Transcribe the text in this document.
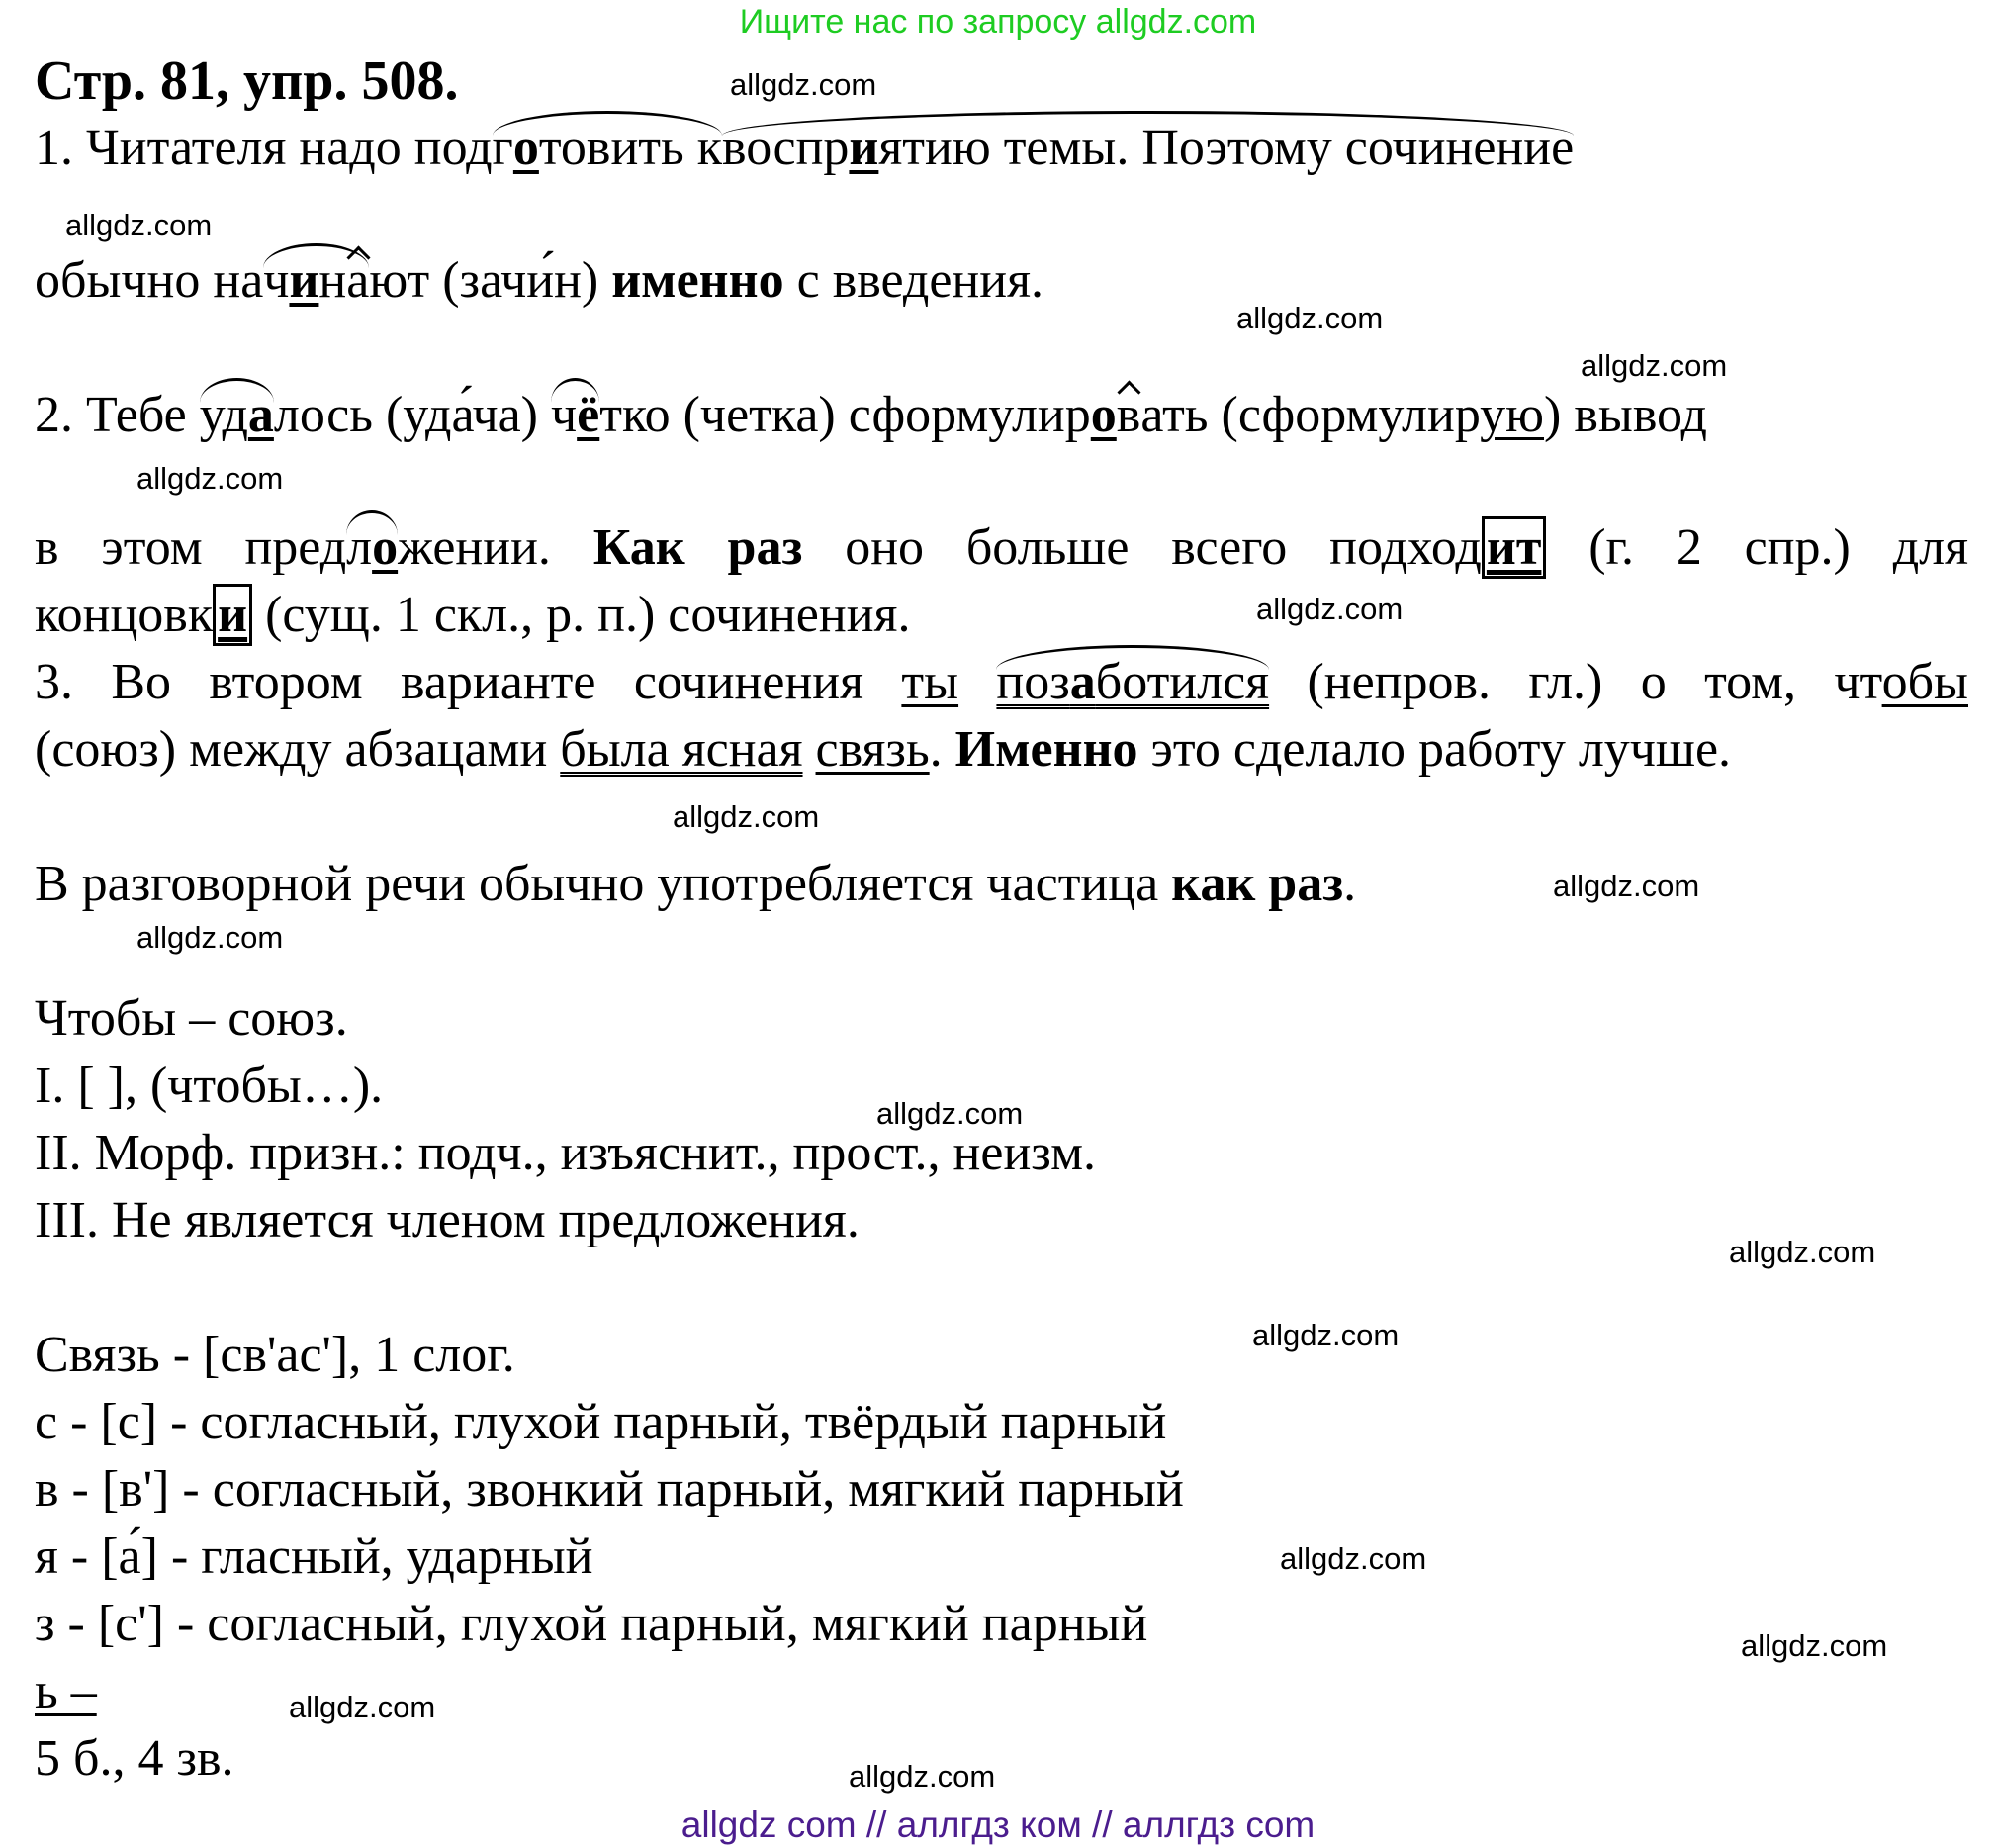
Ищите нас по запросу allgdz.com
Стр. 81, упр. 508.
1. Читателя надо подготовить квосприятию темы. Поэтому сочинение
обычно начинают (зачи́н) именно с введения.
2. Тебе удалось (уда́ча) чётко (четка) сформулировать (сформулирую) вывод
в этом предложении. Как раз оно больше всего подходит (г. 2 спр.) для
концовки (сущ. 1 скл., р. п.) сочинения.
3. Во втором варианте сочинения ты позаботился (непров. гл.) о том, чтобы
(союз) между абзацами была ясная связь. Именно это сделало работу лучше.
В разговорной речи обычно употребляется частица как раз.
Чтобы – союз.
I. [ ], (чтобы…).
II. Морф. призн.: подч., изъяснит., прост., неизм.
III. Не является членом предложения.
Связь - [св'ас'], 1 слог.
с - [с] - согласный, глухой парный, твёрдый парный
в - [в'] - согласный, звонкий парный, мягкий парный
я - [а́] - гласный, ударный
з - [с'] - согласный, глухой парный, мягкий парный
ь –
5 б., 4 зв.
allgdz.com
allgdz.com
allgdz.com
allgdz.com
allgdz.com
allgdz.com
allgdz.com
allgdz.com
allgdz.com
allgdz.com
allgdz.com
allgdz.com
allgdz.com
allgdz.com
allgdz.com
allgdz.com
allgdz com // аллгдз ком // аллгдз com
